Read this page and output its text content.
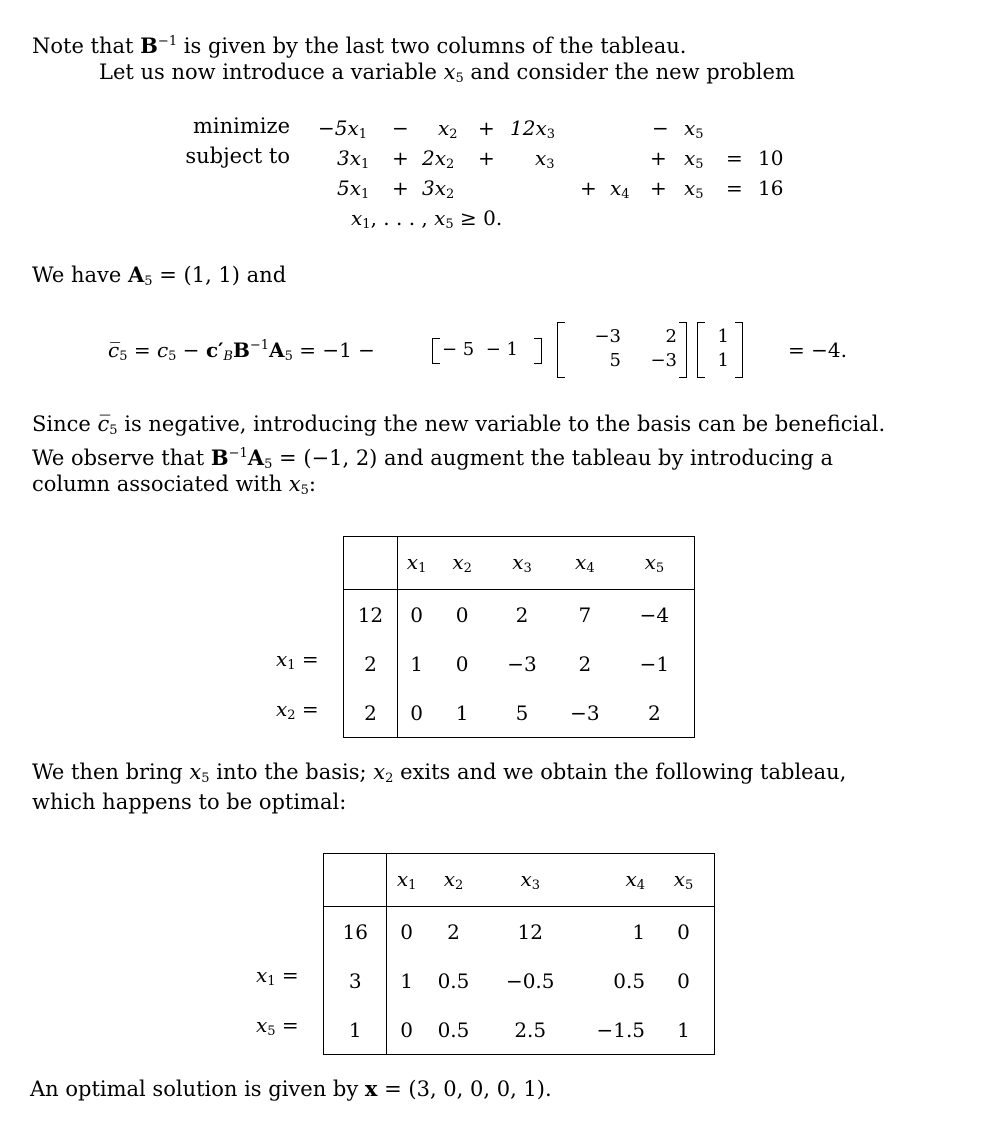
Note that $B^{-1}$ is given by the last two columns of the tableau.
Let us now introduce a variable $x_5$ and consider the new problem
minimize
subject to
$-5x_1 - x_2 + 12x_3$	− $x_5$
$3x_1 + 2x_2 + x_3$	+ $x_5 = 10$
$5x_1 + 3x_2$	+ $x_4 + x_5 = 16$
$x_1$, . . . , $x_5 \ge 0$.
We have $A_5 = (1$, 1) and
$c̅_5 = c_5 - c'_BB^{-1}A_5 = -1$ −	− 5  − 1
−3	2
5	−3
1
1	= −4.
Since $c̅_5$ is negative, introducing the new variable to the basis can be beneficial.
We observe that $B^{-1}A_5 = (-1$, 2) and augment the tableau by introducing a
column associated with $x_5$:
$x_1$ =
$x_2$ =
	$x_1$	$x_2$	$x_3$	$x_4$	$x_5$
12	0	0	2	7	−4
2	1	0	−3	2	−1
2	0	1	5	−3	2
We then bring $x_5$ into the basis; $x_2$ exits and we obtain the following tableau,
which happens to be optimal:
$x_1$ =
$x_5$ =
	$x_1$	$x_2$	$x_3$	$x_4$	$x_5$
16	0	2	12	1	0
3	1	0.5	−0.5	0.5	0
1	0	0.5	2.5	−1.5	1
An optimal solution is given by x = (3, 0, 0, 0, 1).
